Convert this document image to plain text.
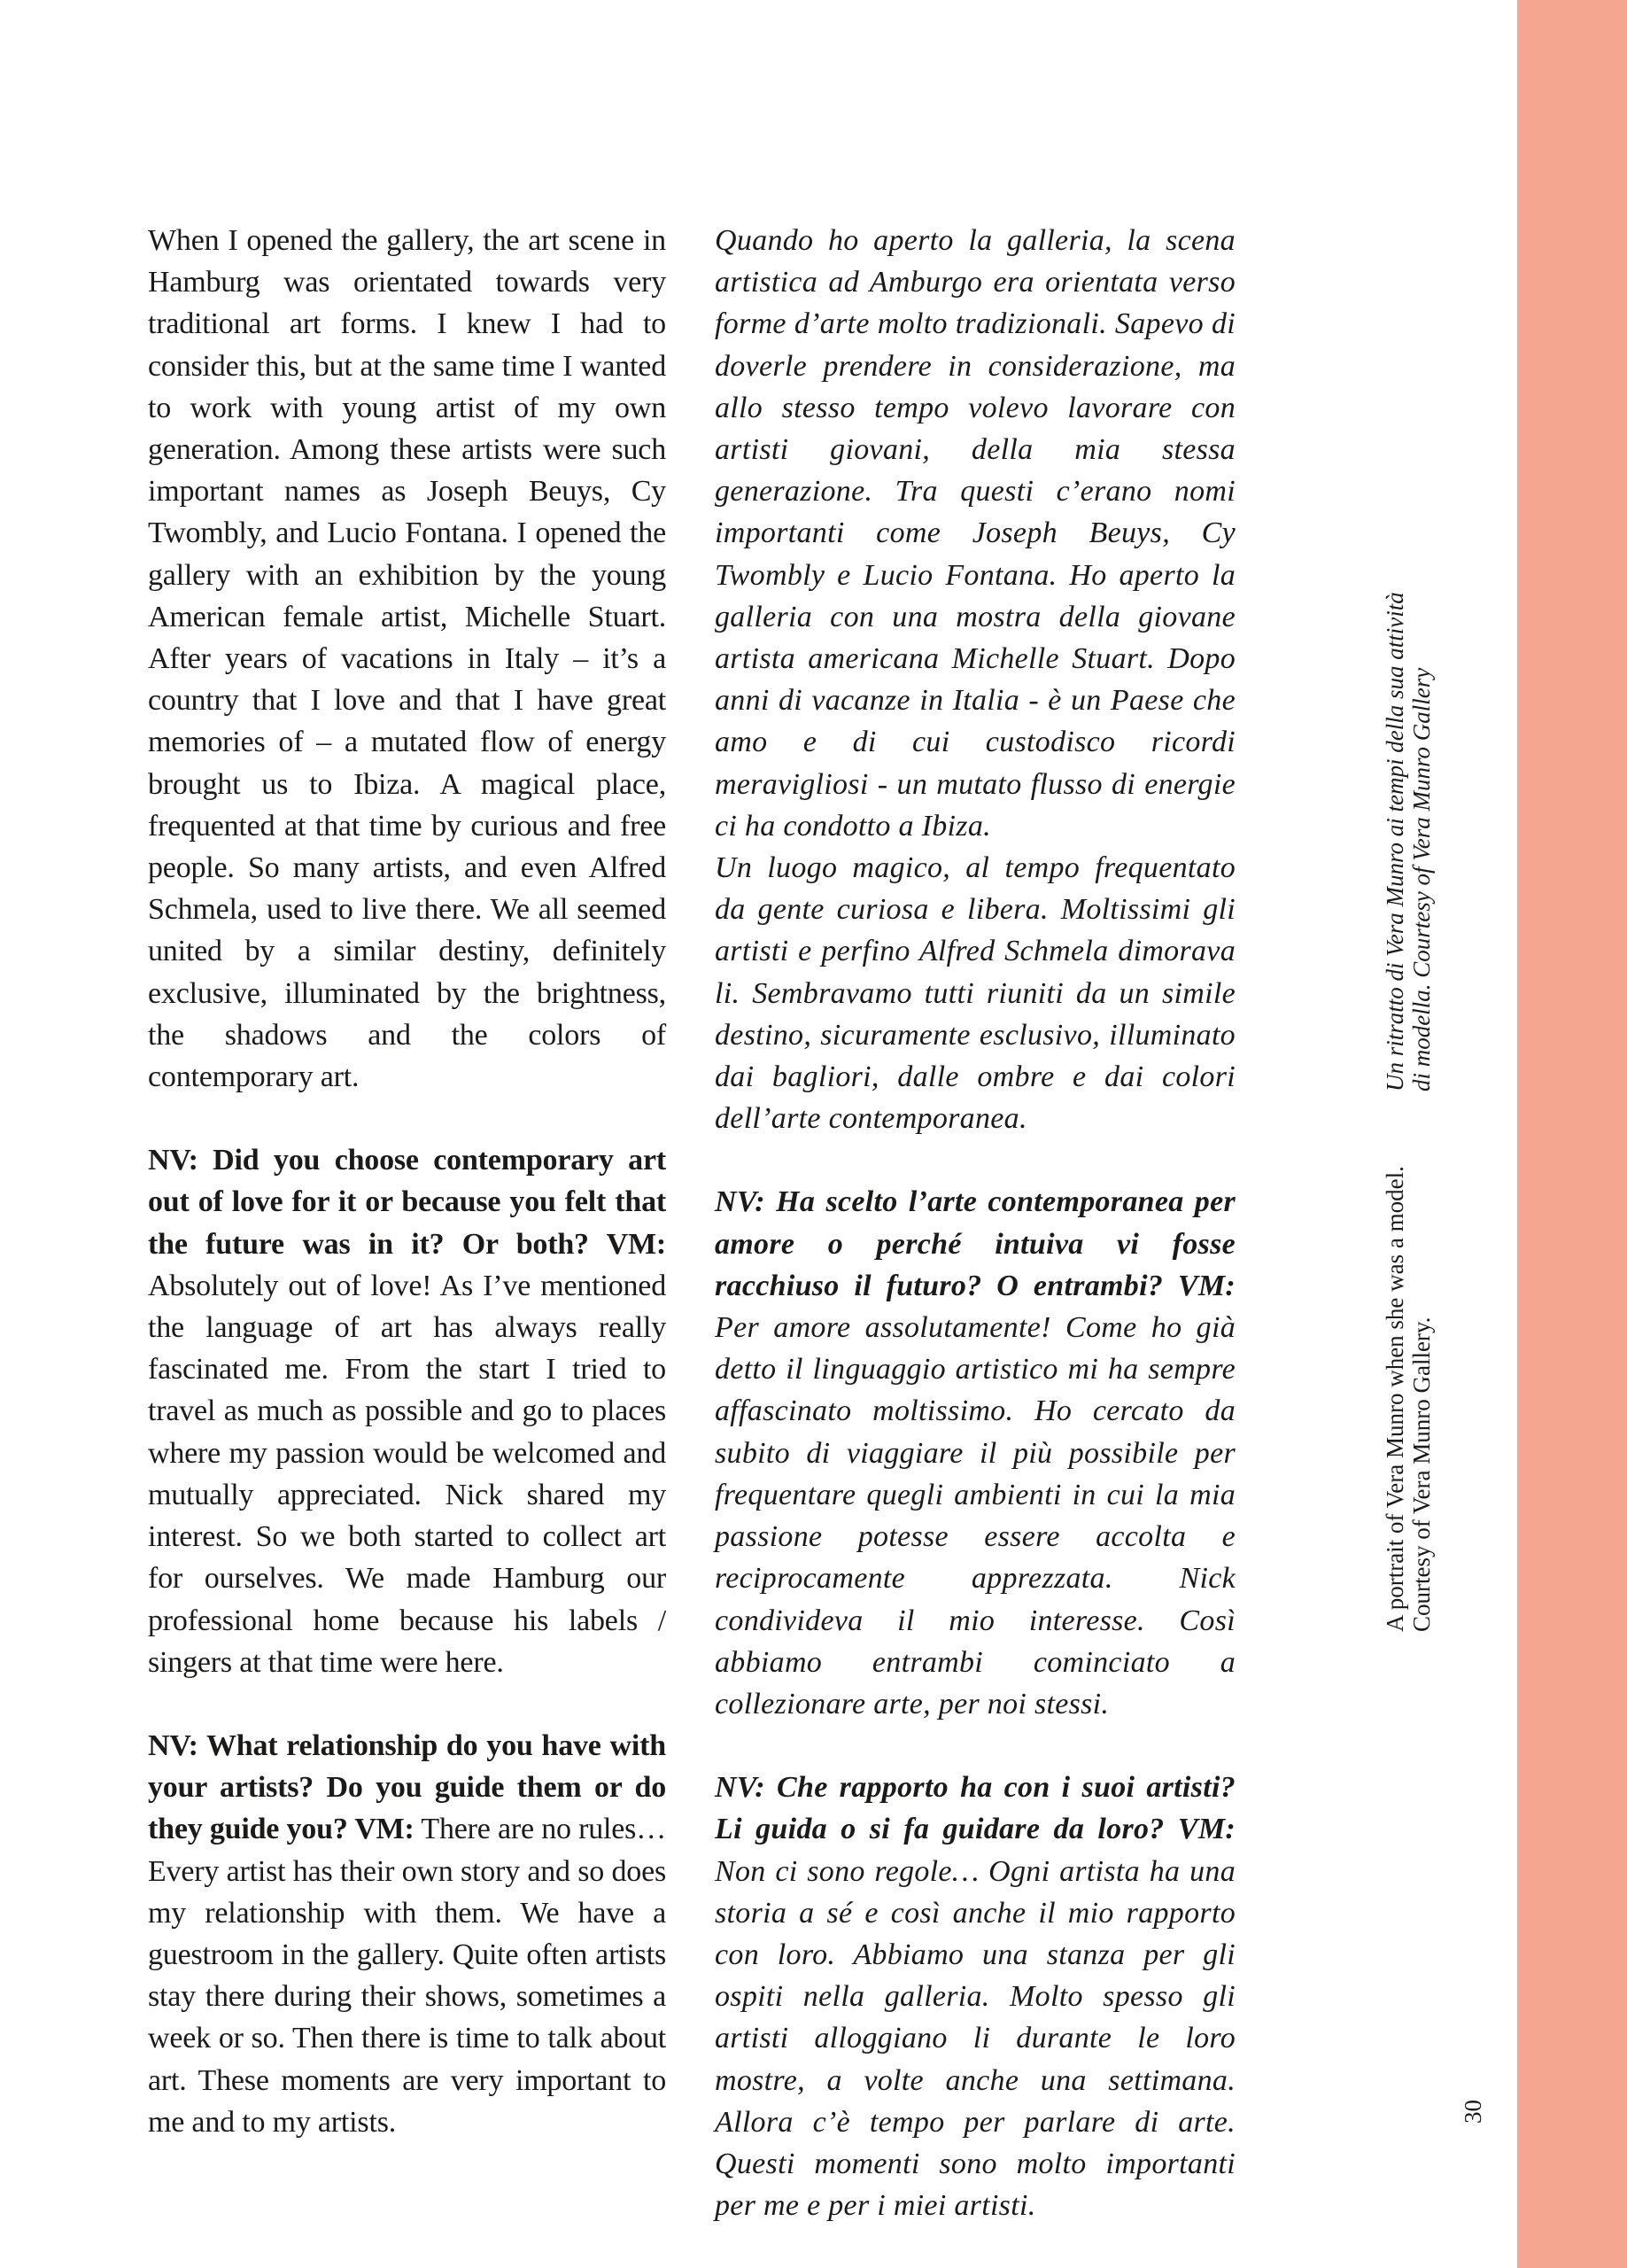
When I opened the gallery, the art scene in Hamburg was orientated towards very traditional art forms. I knew I had to consider this, but at the same time I wanted to work with young artist of my own generation. Among these artists were such important names as Joseph Beuys, Cy Twombly, and Lucio Fontana. I opened the gallery with an exhibition by the young American female artist, Michelle Stuart. After years of vacations in Italy – it’s a country that I love and that I have great memories of – a mutated flow of energy brought us to Ibiza. A magical place, frequented at that time by curious and free people. So many artists, and even Alfred Schmela, used to live there. We all seemed united by a similar destiny, definitely exclusive, illuminated by the brightness, the shadows and the colors of contemporary art.

NV: Did you choose contemporary art out of love for it or because you felt that the future was in it? Or both? VM: Absolutely out of love! As I’ve mentioned the language of art has always really fascinated me. From the start I tried to travel as much as possible and go to places where my passion would be welcomed and mutually appreciated. Nick shared my interest. So we both started to collect art for ourselves. We made Hamburg our professional home because his labels / singers at that time were here.

NV: What relationship do you have with your artists? Do you guide them or do they guide you? VM: There are no rules…Every artist has their own story and so does my relationship with them. We have a guestroom in the gallery. Quite often artists stay there during their shows, sometimes a week or so. Then there is time to talk about art. These moments are very important to me and to my artists.

Quando ho aperto la galleria, la scena artistica ad Amburgo era orientata verso forme d’arte molto tradizionali. Sapevo di doverle prendere in considerazione, ma allo stesso tempo volevo lavorare con artisti giovani, della mia stessa generazione. Tra questi c’erano nomi importanti come Joseph Beuys, Cy Twombly e Lucio Fontana. Ho aperto la galleria con una mostra della giovane artista americana Michelle Stuart. Dopo anni di vacanze in Italia - è un Paese che amo e di cui custodisco ricordi meravigliosi - un mutato flusso di energie ci ha condotto a Ibiza.

Un luogo magico, al tempo frequentato da gente curiosa e libera. Moltissimi gli artisti e perfino Alfred Schmela dimorava li. Sembravamo tutti riuniti da un simile destino, sicuramente esclusivo, illuminato dai bagliori, dalle ombre e dai colori dell’arte contemporanea.

NV: Ha scelto l’arte contemporanea per amore o perché intuiva vi fosse racchiuso il futuro? O entrambi? VM: Per amore assolutamente! Come ho già detto il linguaggio artistico mi ha sempre affascinato moltissimo. Ho cercato da subito di viaggiare il più possibile per frequentare quegli ambienti in cui la mia passione potesse essere accolta e reciprocamente apprezzata. Nick condivideva il mio interesse. Così abbiamo entrambi cominciato a collezionare arte, per noi stessi.

NV: Che rapporto ha con i suoi artisti? Li guida o si fa guidare da loro? VM: Non ci sono regole… Ogni artista ha una storia a sé e così anche il mio rapporto con loro. Abbiamo una stanza per gli ospiti nella galleria. Molto spesso gli artisti alloggiano li durante le loro mostre, a volte anche una settimana. Allora c’è tempo per parlare di arte. Questi momenti sono molto importanti per me e per i miei artisti.

Un ritratto di Vera Munro ai tempi della sua attività di modella. Courtesy of Vera Munro Gallery
A portrait of Vera Munro when she was a model. Courtesy of Vera Munro Gallery.
30
